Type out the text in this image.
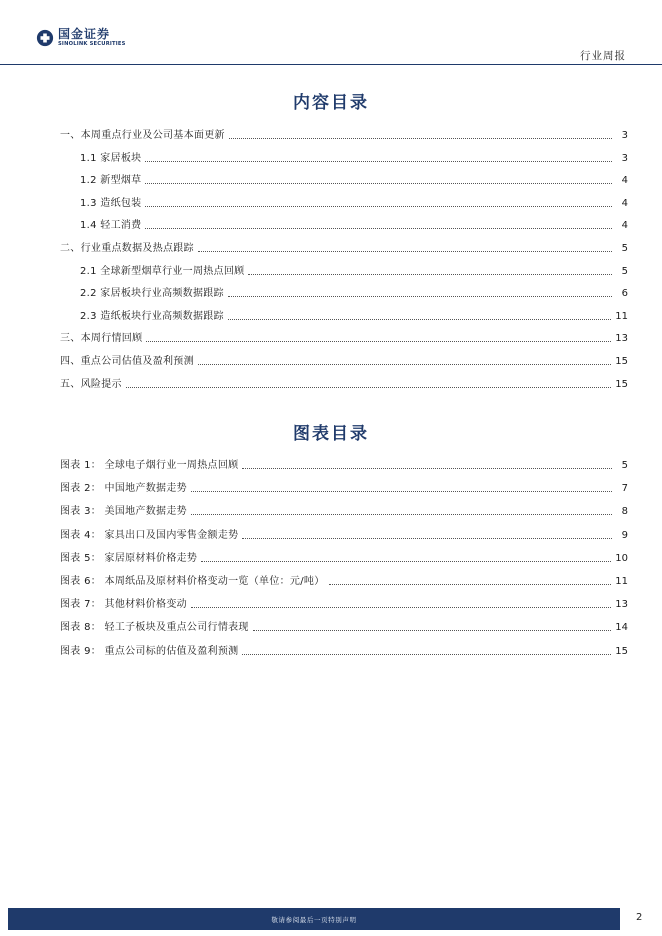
国金证券
SINOLINK SECURITIES
行业周报
内容目录
一、本周重点行业及公司基本面更新	3
1.1 家居板块	3
1.2 新型烟草	4
1.3 造纸包装	4
1.4 轻工消费	4
二、行业重点数据及热点跟踪	5
2.1 全球新型烟草行业一周热点回顾	5
2.2 家居板块行业高频数据跟踪	6
2.3 造纸板块行业高频数据跟踪	11
三、本周行情回顾	13
四、重点公司估值及盈利预测	15
五、风险提示	15
图表目录
图表 1： 全球电子烟行业一周热点回顾	5
图表 2： 中国地产数据走势	7
图表 3： 美国地产数据走势	8
图表 4： 家具出口及国内零售金额走势	9
图表 5： 家居原材料价格走势	10
图表 6： 本周纸品及原材料价格变动一览（单位：元/吨）	11
图表 7： 其他材料价格变动	13
图表 8： 轻工子板块及重点公司行情表现	14
图表 9： 重点公司标的估值及盈利预测	15
敬请参阅最后一页特别声明	2
